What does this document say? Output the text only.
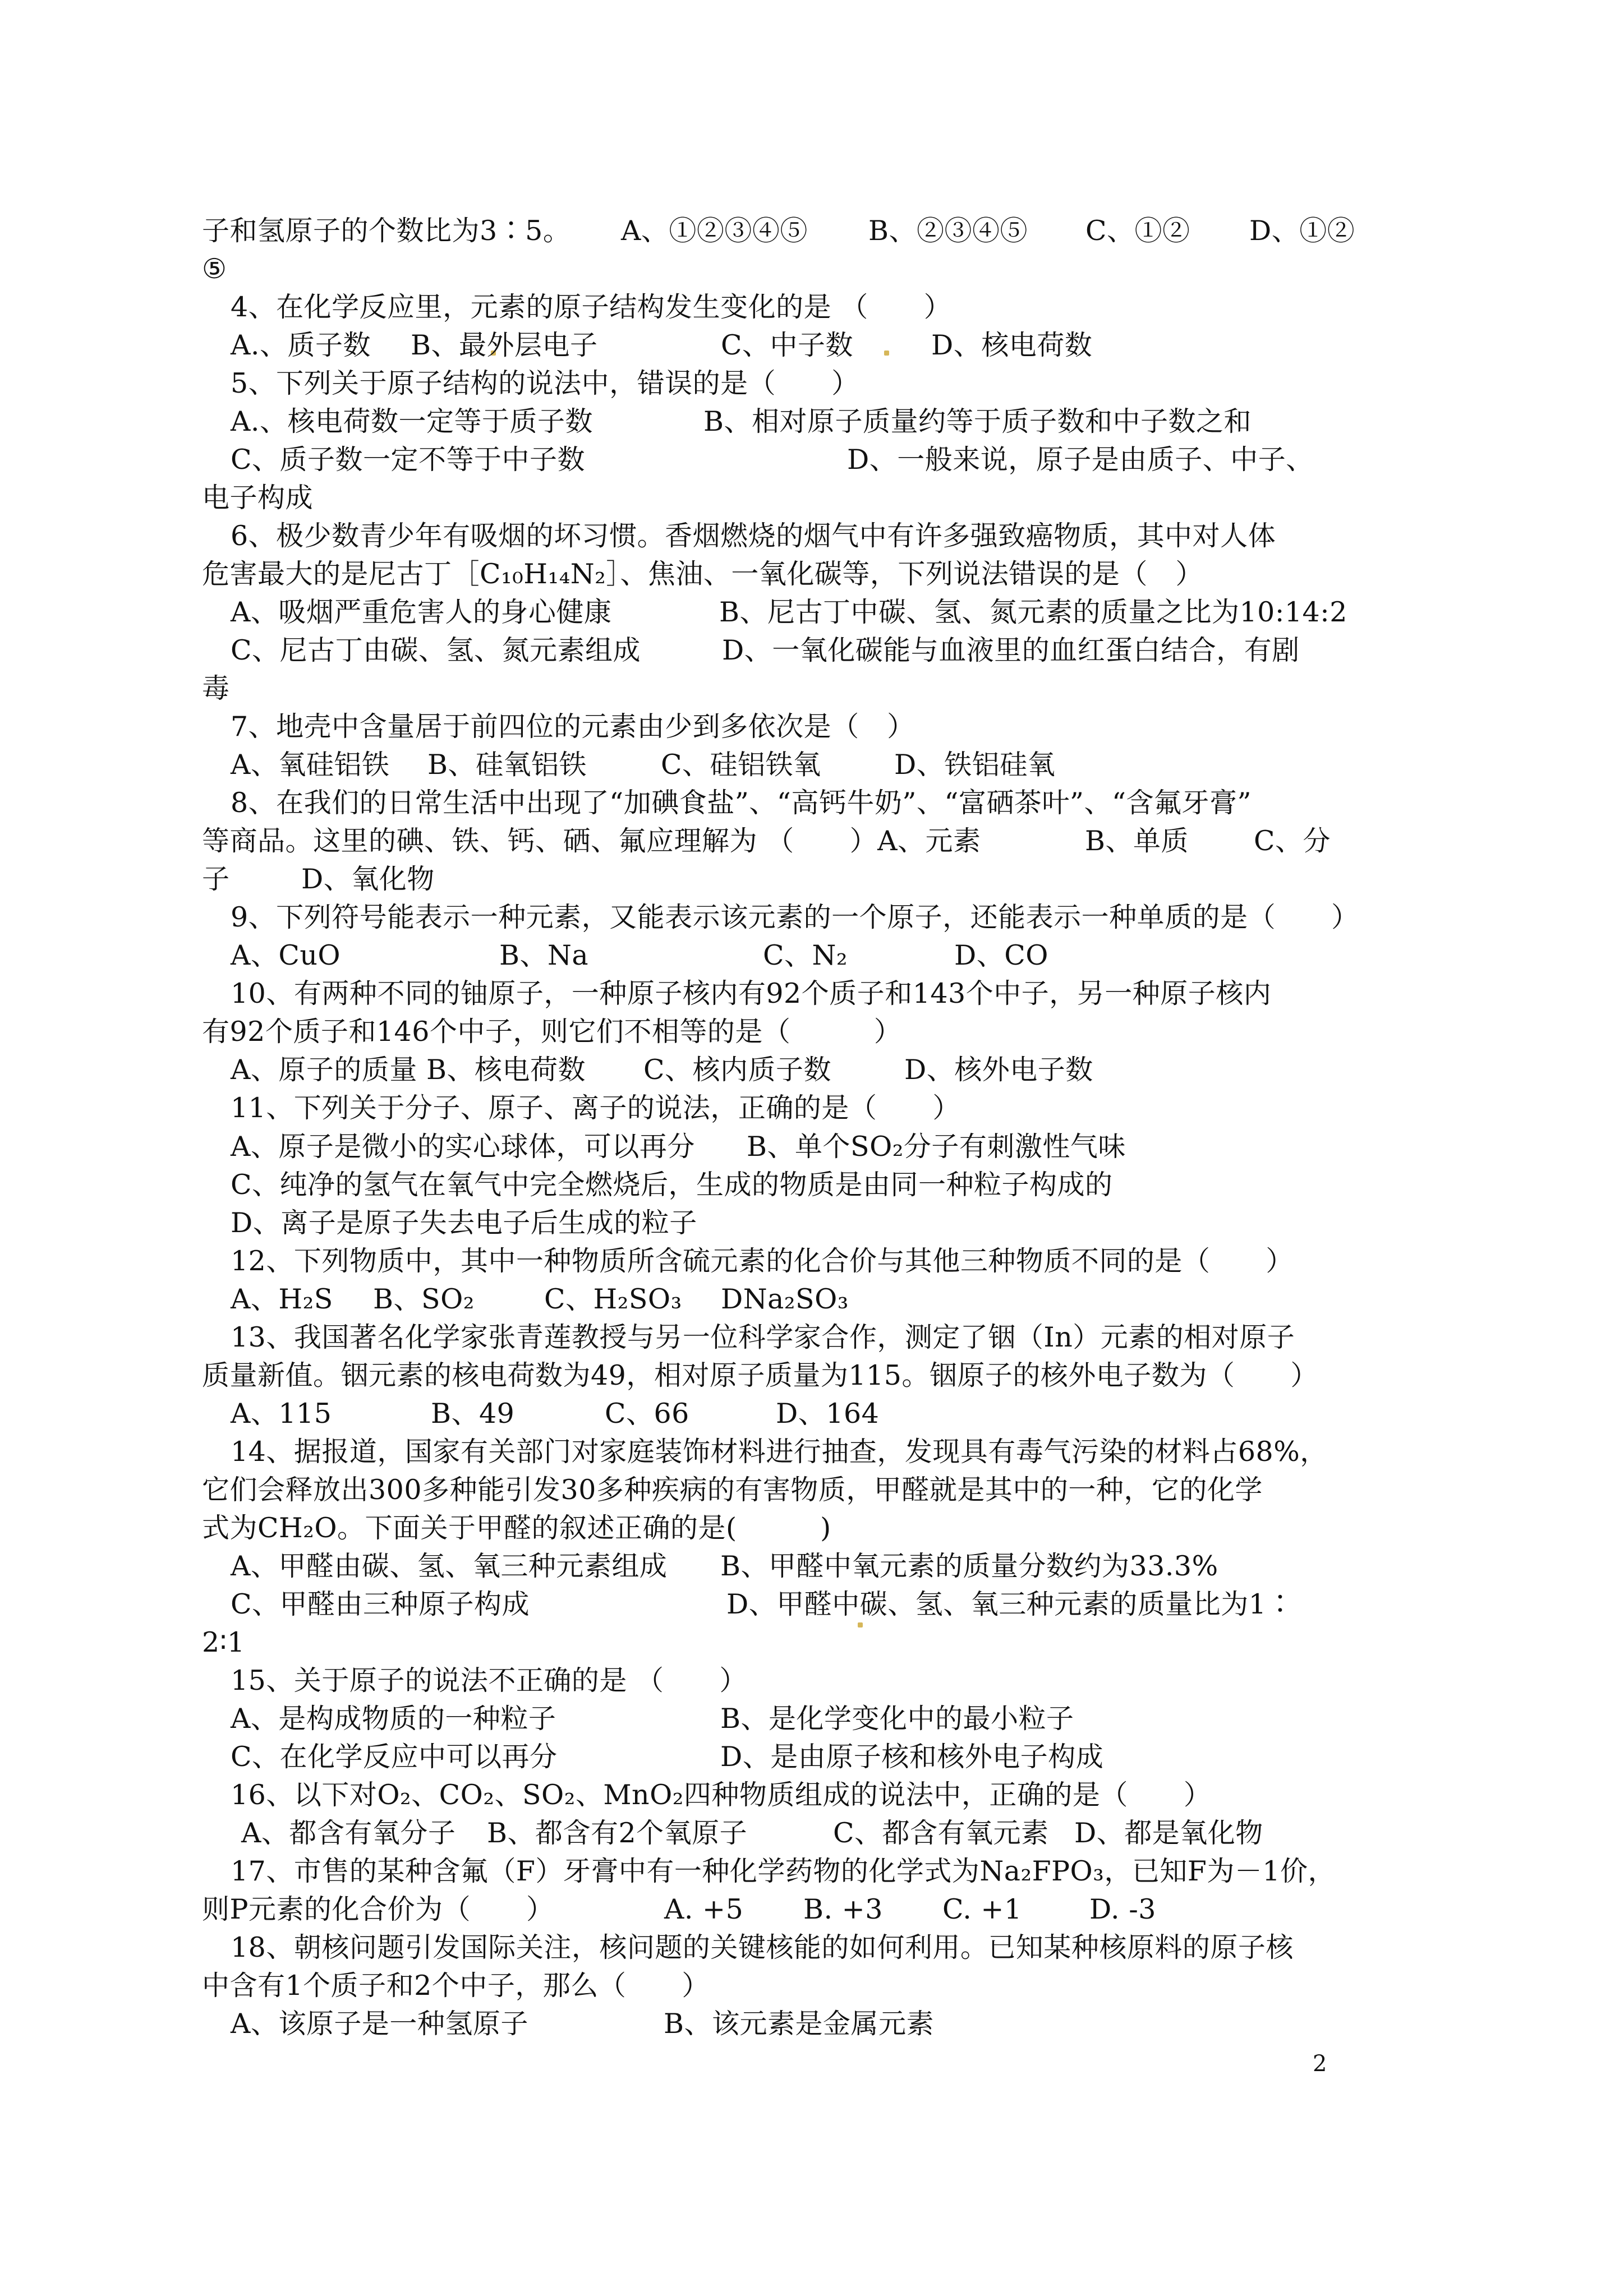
2
子和氢原子的个数比为3∶5。 A、①②③④⑤ B、②③④⑤ C、①② D、①②
⑤
4、在化学反应里，元素的原子结构发生变化的是 （　　）
A.、质子数 B、最外层电子	C、中子数	D、核电荷数
5、下列关于原子结构的说法中，错误的是（　　）
A.、核电荷数一定等于质子数	B、相对原子质量约等于质子数和中子数之和
C、质子数一定不等于中子数	D、一般来说，原子是由质子、中子、
电子构成
6、极少数青少年有吸烟的坏习惯。香烟燃烧的烟气中有许多强致癌物质，其中对人体
危害最大的是尼古丁［C₁₀H₁₄N₂］、焦油、一氧化碳等，下列说法错误的是（　）
A、吸烟严重危害人的身心健康	B、尼古丁中碳、氢、氮元素的质量之比为10:14:2
C、尼古丁由碳、氢、氮元素组成	D、一氧化碳能与血液里的血红蛋白结合，有剧
毒
7、地壳中含量居于前四位的元素由少到多依次是（　）
A、氧硅铝铁 B、硅氧铝铁	C、硅铝铁氧	D、铁铝硅氧
8、在我们的日常生活中出现了“加碘食盐”、“高钙牛奶”、“富硒茶叶”、“含氟牙膏”
等商品。这里的碘、铁、钙、硒、氟应理解为 （　　）A、元素	B、单质 C、分
子	D、氧化物
9、下列符号能表示一种元素，又能表示该元素的一个原子，还能表示一种单质的是（　　）
A、CuO	B、Na	C、N₂	D、CO
10、有两种不同的铀原子，一种原子核内有92个质子和143个中子，另一种原子核内
有92个质子和146个中子，则它们不相等的是（　　　）
A、原子的质量 B、核电荷数 C、核内质子数	D、核外电子数
11、下列关于分子、原子、离子的说法，正确的是（　　）
A、原子是微小的实心球体，可以再分 B、单个SO₂分子有刺激性气味
C、纯净的氢气在氧气中完全燃烧后，生成的物质是由同一种粒子构成的
D、离子是原子失去电子后生成的粒子
12、下列物质中，其中一种物质所含硫元素的化合价与其他三种物质不同的是（　　）
A、H₂S B、SO₂	C、H₂SO₃ DNa₂SO₃
13、我国著名化学家张青莲教授与另一位科学家合作，测定了铟（In）元素的相对原子
质量新值。铟元素的核电荷数为49，相对原子质量为115。铟原子的核外电子数为（　　）
A、115	B、49	C、66	D、164
14、据报道，国家有关部门对家庭装饰材料进行抽查，发现具有毒气污染的材料占68%，
它们会释放出300多种能引发30多种疾病的有害物质，甲醛就是其中的一种，它的化学
式为CH₂O。下面关于甲醛的叙述正确的是(　　　)
A、甲醛由碳、氢、氧三种元素组成 B、甲醛中氧元素的质量分数约为33.3%
C、甲醛由三种原子构成	D、甲醛中碳、氢、氧三种元素的质量比为1∶
2∶1
15、关于原子的说法不正确的是 （　　）
A、是构成物质的一种粒子	B、是化学变化中的最小粒子
C、在化学反应中可以再分	D、是由原子核和核外电子构成
16、以下对O₂、CO₂、SO₂、MnO₂四种物质组成的说法中，正确的是（　　）
A、都含有氧分子 B、都含有2个氧原子	C、都含有氧元素 D、都是氧化物
17、市售的某种含氟（F）牙膏中有一种化学药物的化学式为Na₂FPO₃，已知F为－1价，
则P元素的化合价为（　　）	A. +5 B. +3 C. +1 D. -3
18、朝核问题引发国际关注，核问题的关键核能的如何利用。已知某种核原料的原子核
中含有1个质子和2个中子，那么（　　）
A、该原子是一种氢原子	B、该元素是金属元素
